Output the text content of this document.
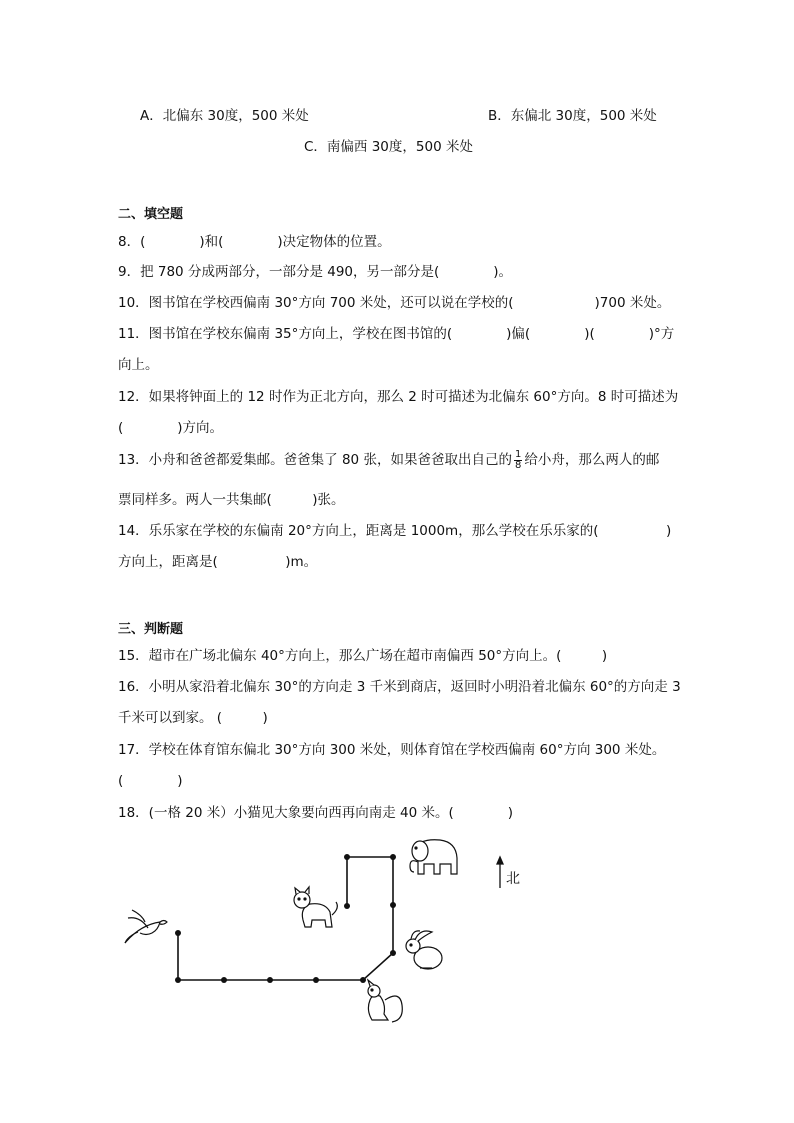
A．北偏东 30度，500 米处	B．东偏北 30度，500 米处
C．南偏西 30度，500 米处
二、填空题
8．(　　　　)和(　　　　)决定物体的位置。
9．把 780 分成两部分，一部分是 490，另一部分是(　　　　)。
10．图书馆在学校西偏南 30°方向 700 米处，还可以说在学校的(　　　　　　)700 米处。
11．图书馆在学校东偏南 35°方向上，学校在图书馆的(　　　　)偏(　　　　)(　　　　)°方
向上。
12．如果将钟面上的 12 时作为正北方向，那么 2 时可描述为北偏东 60°方向。8 时可描述为
(　　　　)方向。
13．小舟和爸爸都爱集邮。爸爸集了 80 张，如果爸爸取出自己的 $\frac{1}{8}$ 给小舟，那么两人的邮
票同样多。两人一共集邮(　　　)张。
14．乐乐家在学校的东偏南 20°方向上，距离是 1000m，那么学校在乐乐家的(　　　　　)
方向上，距离是(　　　　　)m。
三、判断题
15．超市在广场北偏东 40°方向上，那么广场在超市南偏西 50°方向上。(　　　)
16．小明从家沿着北偏东 30°的方向走 3 千米到商店，返回时小明沿着北偏东 60°的方向走 3
千米可以到家。 (　　　)
17．学校在体育馆东偏北 30°方向 300 米处，则体育馆在学校西偏南 60°方向 300 米处。
(　　　　)
18．(一格 20 米）小猫见大象要向西再向南走 40 米。(　　　　)
北
